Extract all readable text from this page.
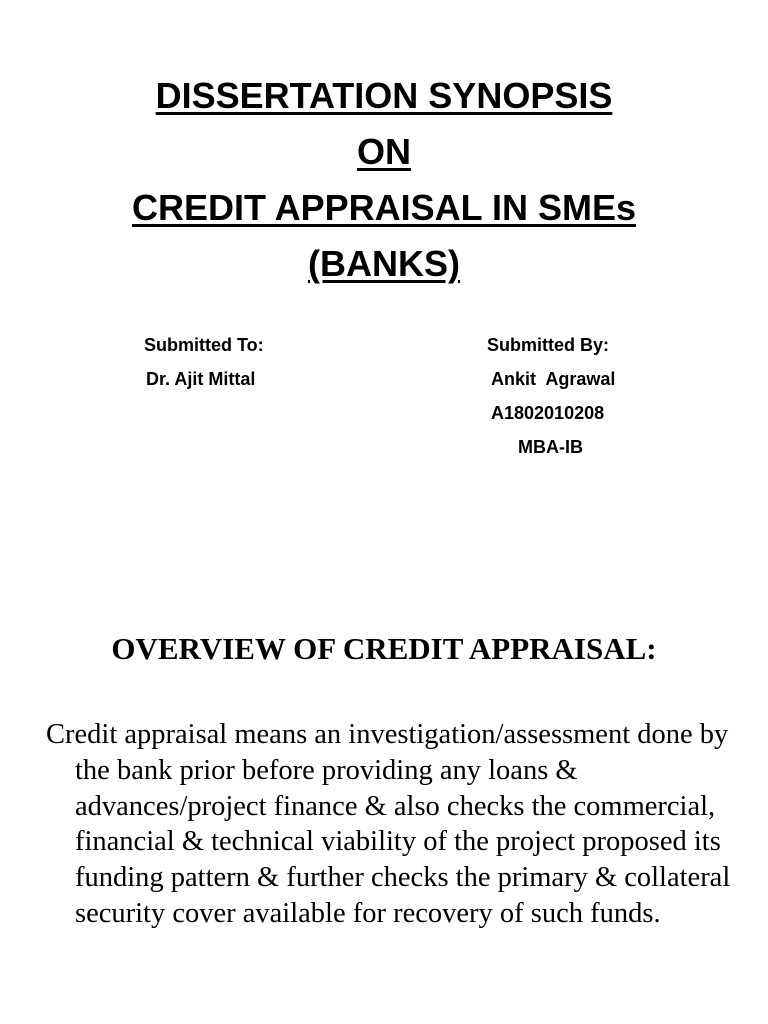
DISSERTATION SYNOPSIS
ON
CREDIT APPRAISAL IN SMEs
(BANKS)
Submitted To:
Dr. Ajit Mittal
Submitted By:
Ankit  Agrawal
A1802010208
MBA-IB
OVERVIEW OF CREDIT APPRAISAL:

Credit appraisal means an investigation/assessment done by the bank prior before providing any loans & advances/project finance & also checks the commercial, financial & technical viability of the project proposed its funding pattern & further checks the primary & collateral security cover available for recovery of such funds.
